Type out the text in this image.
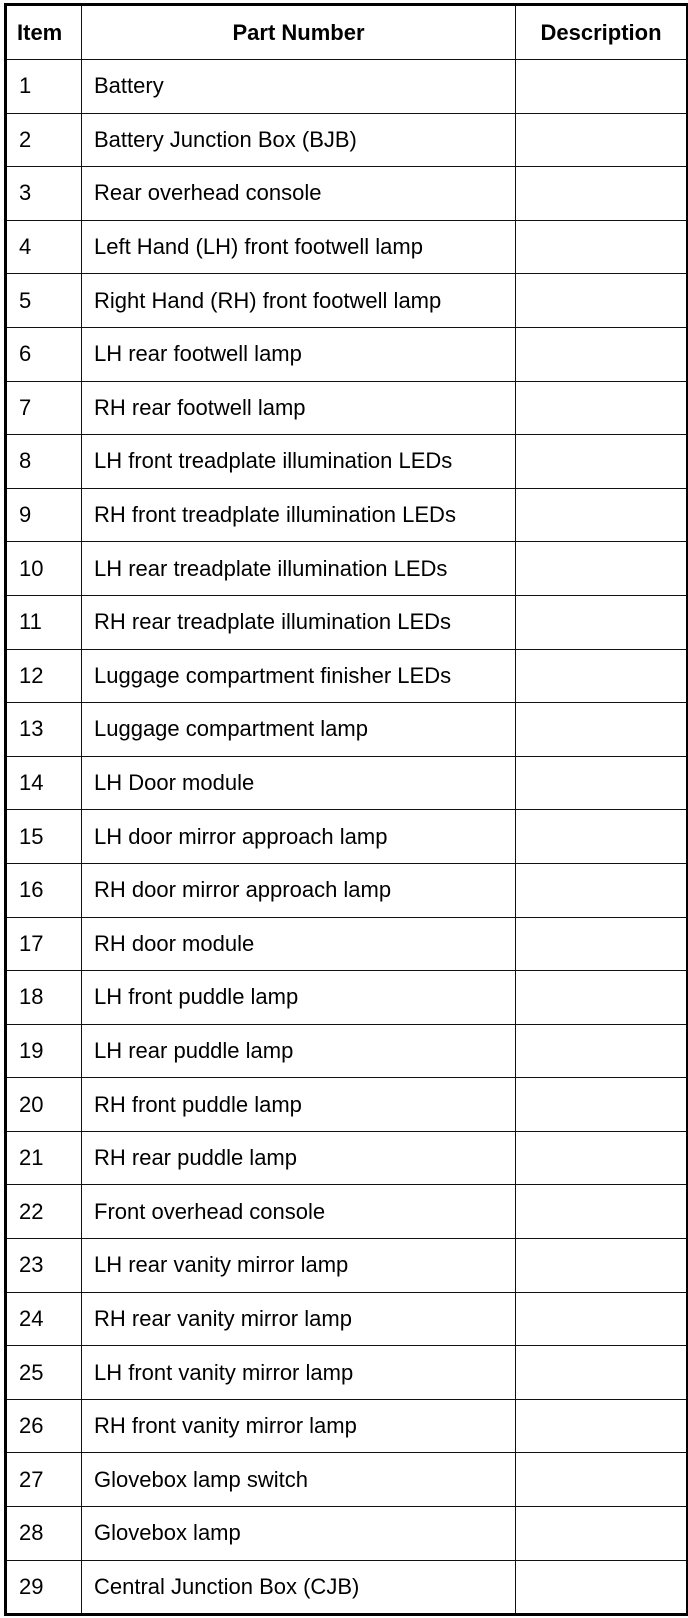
Item	Part Number	Description
1	Battery	
2	Battery Junction Box (BJB)	
3	Rear overhead console	
4	Left Hand (LH) front footwell lamp	
5	Right Hand (RH) front footwell lamp	
6	LH rear footwell lamp	
7	RH rear footwell lamp	
8	LH front treadplate illumination LEDs	
9	RH front treadplate illumination LEDs	
10	LH rear treadplate illumination LEDs	
11	RH rear treadplate illumination LEDs	
12	Luggage compartment finisher LEDs	
13	Luggage compartment lamp	
14	LH Door module	
15	LH door mirror approach lamp	
16	RH door mirror approach lamp	
17	RH door module	
18	LH front puddle lamp	
19	LH rear puddle lamp	
20	RH front puddle lamp	
21	RH rear puddle lamp	
22	Front overhead console	
23	LH rear vanity mirror lamp	
24	RH rear vanity mirror lamp	
25	LH front vanity mirror lamp	
26	RH front vanity mirror lamp	
27	Glovebox lamp switch	
28	Glovebox lamp	
29	Central Junction Box (CJB)	
